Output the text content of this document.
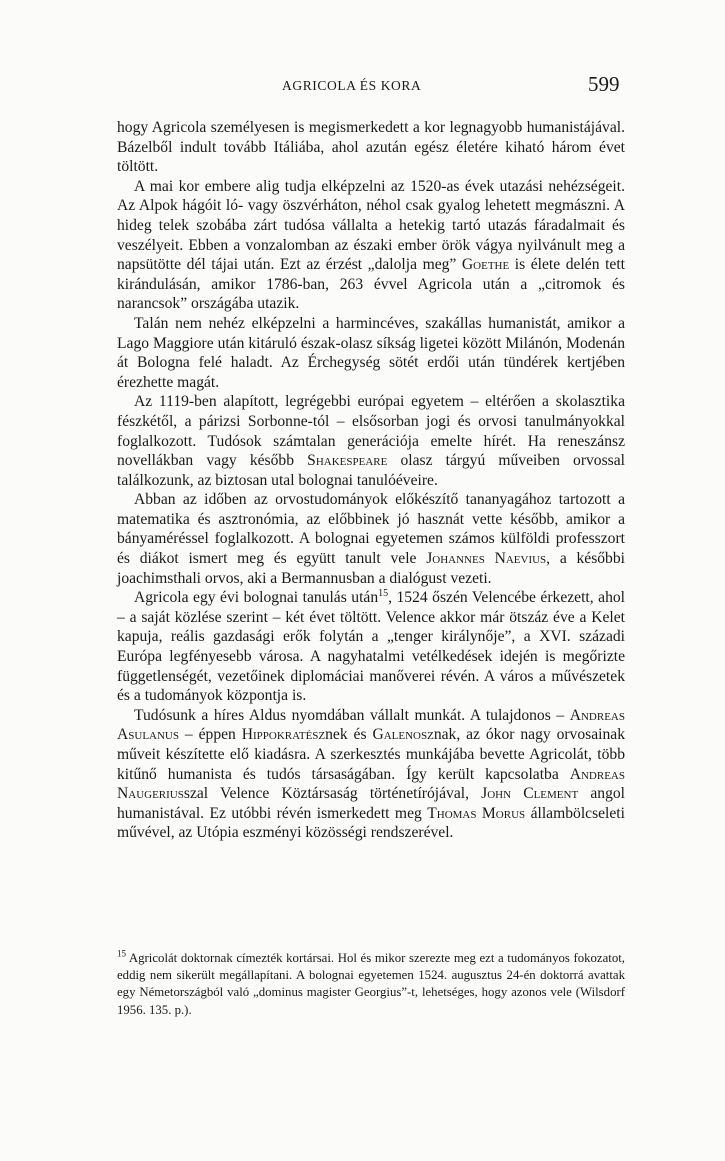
AGRICOLA ÉS KORA	599

hogy Agricola személyesen is megismerkedett a kor legnagyobb humanistájával. Bázelből indult tovább Itáliába, ahol azután egész életére kiható három évet töltött.

A mai kor embere alig tudja elképzelni az 1520-as évek utazási nehézségeit. Az Alpok hágóit ló- vagy öszvérháton, néhol csak gyalog lehetett megmászni. A hideg telek szobába zárt tudósa vállalta a hetekig tartó utazás fáradalmait és veszélyeit. Ebben a vonzalomban az északi ember örök vágya nyilvánult meg a napsütötte dél tájai után. Ezt az érzést „dalolja meg” Goethe is élete delén tett kirándulásán, amikor 1786-ban, 263 évvel Agricola után a „citromok és narancsok” országába utazik.

Talán nem nehéz elképzelni a harmincéves, szakállas humanistát, amikor a Lago Maggiore után kitáruló észak-olasz síkság ligetei között Milánón, Modenán át Bologna felé haladt. Az Érchegység sötét erdői után tündérek kertjében érezhette magát.

Az 1119-ben alapított, legrégebbi európai egyetem – eltérően a skolasztika fészkétől, a párizsi Sorbonne-tól – elsősorban jogi és orvosi tanulmányokkal foglalkozott. Tudósok számtalan generációja emelte hírét. Ha reneszánsz novellákban vagy később Shakespeare olasz tárgyú műveiben orvossal találkozunk, az biztosan utal bolognai tanulóéveire.

Abban az időben az orvostudományok előkészítő tananyagához tartozott a matematika és asztronómia, az előbbinek jó hasznát vette később, amikor a bányaméréssel foglalkozott. A bolognai egyetemen számos külföldi professzort és diákot ismert meg és együtt tanult vele Johannes Naevius, a későbbi joachimsthali orvos, aki a Bermannusban a dialógust vezeti.

Agricola egy évi bolognai tanulás után$^{15}$, 1524 őszén Velencébe érkezett, ahol – a saját közlése szerint – két évet töltött. Velence akkor már ötszáz éve a Kelet kapuja, reális gazdasági erők folytán a „tenger királynője”, a XVI. századi Európa legfényesebb városa. A nagyhatalmi vetélkedések idején is megőrizte függetlenségét, vezetőinek diplomáciai manőverei révén. A város a művészetek és a tudományok központja is.

Tudósunk a híres Aldus nyomdában vállalt munkát. A tulajdonos – Andreas Asulanus – éppen Hippokratésznek és Galenosznak, az ókor nagy orvosainak műveit készítette elő kiadásra. A szerkesztés munkájába bevette Agricolát, több kitűnő humanista és tudós társaságában. Így került kapcsolatba Andreas Naugeriusszal Velence Köztársaság történetírójával, John Clement angol humanistával. Ez utóbbi révén ismerkedett meg Thomas Morus állambölcseleti művével, az Utópia eszményi közösségi rendszerével.

$^{15}$ Agricolát doktornak címezték kortársai. Hol és mikor szerezte meg ezt a tudományos fokozatot, eddig nem sikerült megállapítani. A bolognai egyetemen 1524. augusztus 24-én doktorrá avattak egy Németországból való „dominus magister Georgius”-t, lehetséges, hogy azonos vele (Wilsdorf 1956. 135. p.).
